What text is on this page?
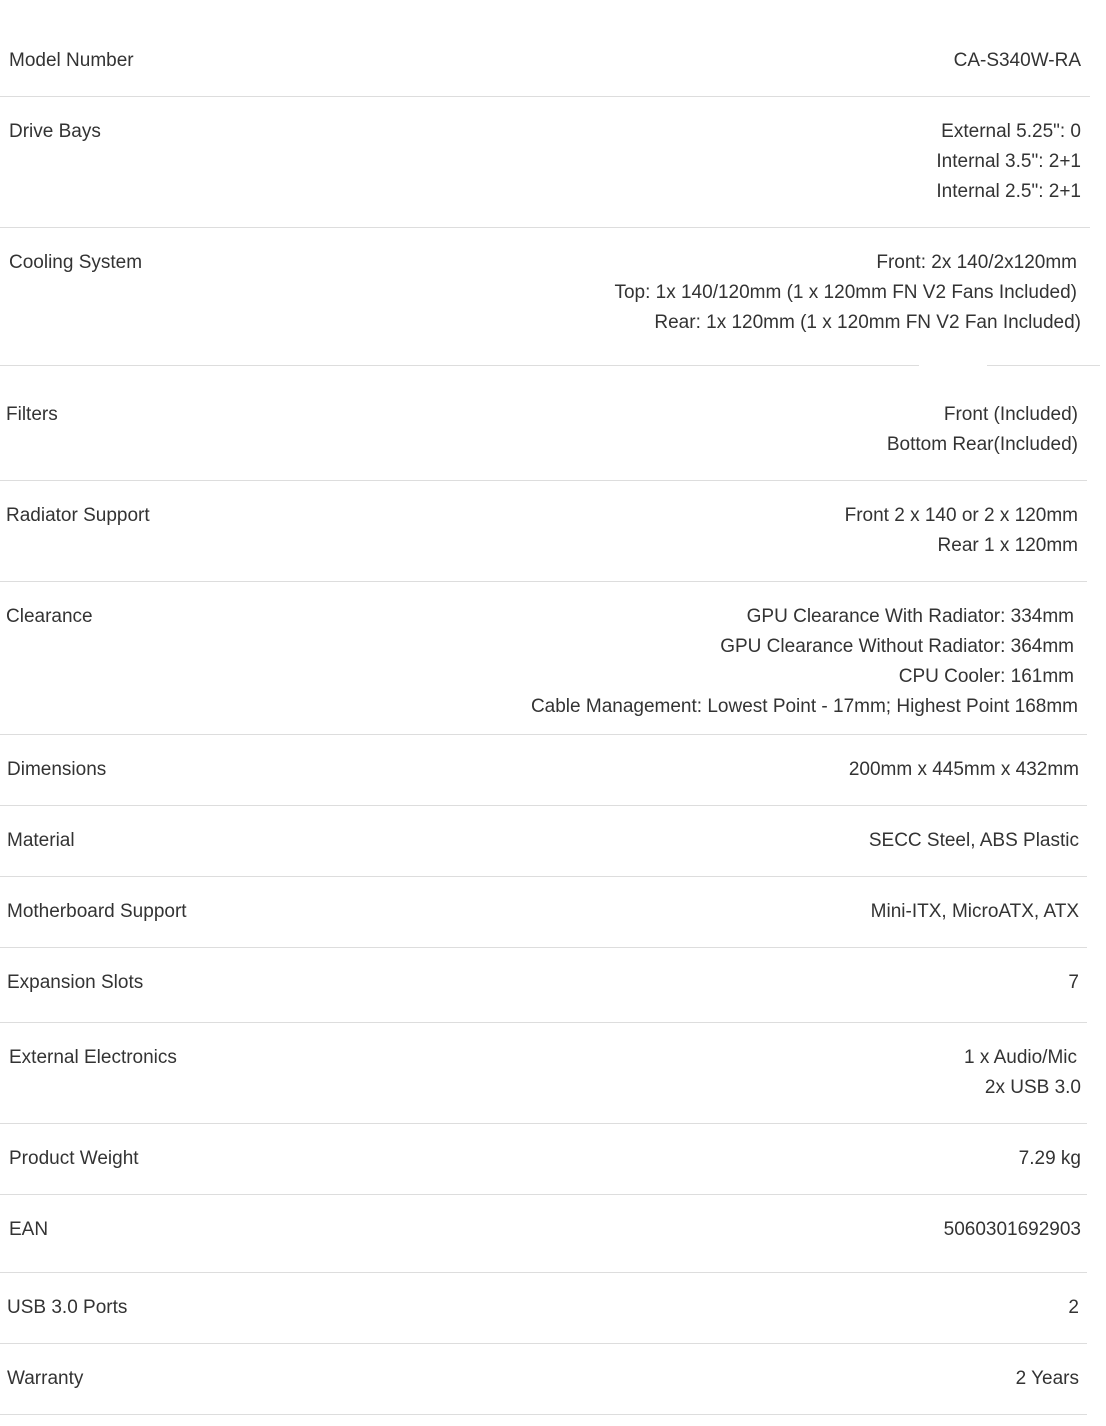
Model Number	CA-S340W-RA
Drive Bays	External 5.25": 0
Internal 3.5": 2+1
Internal 2.5": 2+1
Cooling System	Front: 2x 140/2x120mm
Top: 1x 140/120mm (1 x 120mm FN V2 Fans Included)
Rear: 1x 120mm (1 x 120mm FN V2 Fan Included)
Filters	Front (Included)
Bottom Rear(Included)
Radiator Support	Front 2 x 140 or 2 x 120mm
Rear 1 x 120mm
Clearance	GPU Clearance With Radiator: 334mm
GPU Clearance Without Radiator: 364mm
CPU Cooler: 161mm
Cable Management: Lowest Point - 17mm; Highest Point 168mm
Dimensions	200mm x 445mm x 432mm
Material	SECC Steel, ABS Plastic
Motherboard Support	Mini-ITX, MicroATX, ATX
Expansion Slots	7
External Electronics	1 x Audio/Mic
2x USB 3.0
Product Weight	7.29 kg
EAN	5060301692903
USB 3.0 Ports	2
Warranty	2 Years
